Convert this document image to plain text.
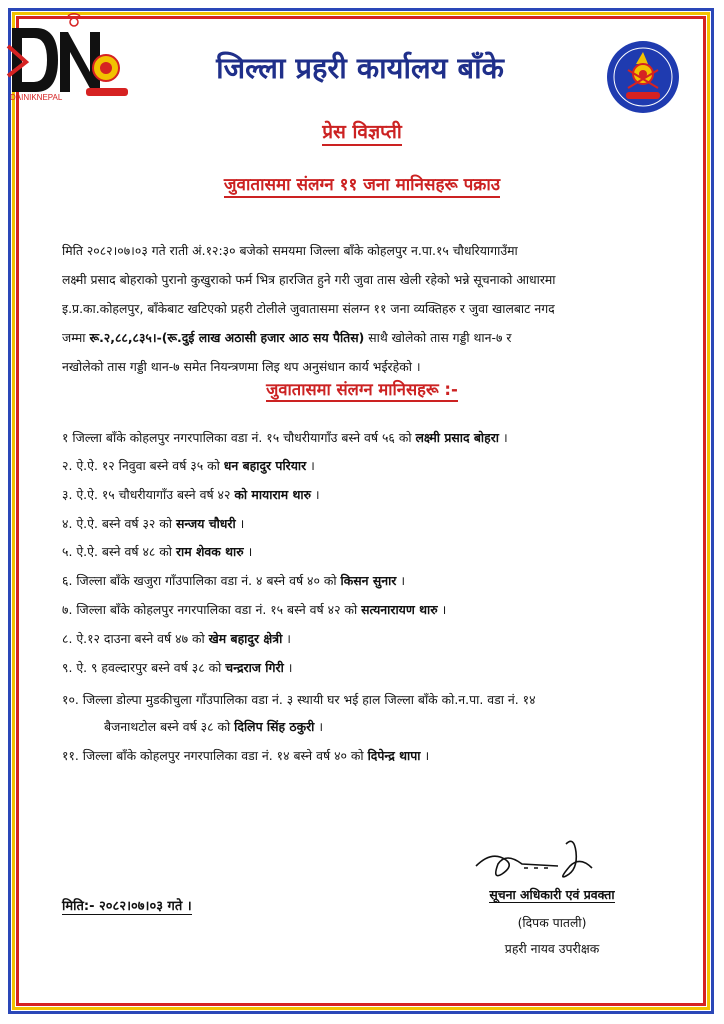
DAINIKNEPAL
जिल्ला प्रहरी कार्यालय बाँके
प्रेस विज्ञप्ती
जुवातासमा संलग्न ११ जना मानिसहरू पक्राउ
मिति २०८२।०७।०३ गते राती अं.१२:३० बजेको समयमा जिल्ला बाँके कोहलपुर न.पा.१५ चौधरियागाउँमा
लक्ष्मी प्रसाद बोहराको पुरानो कुखुराको फर्म भित्र हारजित हुने गरी जुवा तास खेली रहेको भन्ने सूचनाको आधारमा
इ.प्र.का.कोहलपुर, बाँकेबाट खटिएको प्रहरी टोलीले जुवातासमा संलग्न ११ जना व्यक्तिहरु र जुवा खालबाट नगद
जम्मा रू.२,८८,८३५।-(रू.दुई लाख अठासी हजार आठ सय पैतिस) साथै खोलेको तास गड्डी थान-७ र
नखोलेको तास गड्डी थान-७ समेत नियन्त्रणमा लिइ थप अनुसंधान कार्य भईरहेको ।
जुवातासमा संलग्न मानिसहरू :-
१ जिल्ला बाँके कोहलपुर नगरपालिका वडा नं. १५ चौधरीयागाँउ बस्ने वर्ष ५६ को लक्ष्मी प्रसाद बोहरा ।
२. ऐ.ऐ. १२ निवुवा बस्ने वर्ष ३५ को धन बहादुर परियार ।
३. ऐ.ऐ. १५ चौधरीयागाँउ बस्ने वर्ष ४२ को मायाराम थारु ।
४. ऐ.ऐ. बस्ने वर्ष ३२ को सन्जय चौधरी ।
५. ऐ.ऐ. बस्ने वर्ष ४८ को राम शेवक थारु ।
६. जिल्ला बाँके खजुरा गाँउपालिका वडा नं. ४ बस्ने वर्ष ४० को किसन सुनार ।
७. जिल्ला बाँके कोहलपुर नगरपालिका वडा नं. १५ बस्ने वर्ष ४२ को सत्यनारायण थारु ।
८. ऐ.१२ दाउना बस्ने वर्ष ४७ को खेम बहादुर क्षेत्री ।
९. ऐ. ९ हवल्दारपुर बस्ने वर्ष ३८ को चन्द्रराज गिरी ।
१०. जिल्ला डोल्पा मुडकीचुला गाँउपालिका वडा नं. ३ स्थायी घर भई हाल जिल्ला बाँके को.न.पा. वडा नं. १४
बैजनाथटोल बस्ने वर्ष ३८ को दिलिप सिंह ठकुरी ।
११. जिल्ला बाँके कोहलपुर नगरपालिका वडा नं. १४ बस्ने वर्ष ४० को दिपेन्द्र थापा ।
मिति:- २०८२।०७।०३ गते ।
सूचना अधिकारी एवं प्रवक्ता
(दिपक पातली)
प्रहरी नायव उपरीक्षक
